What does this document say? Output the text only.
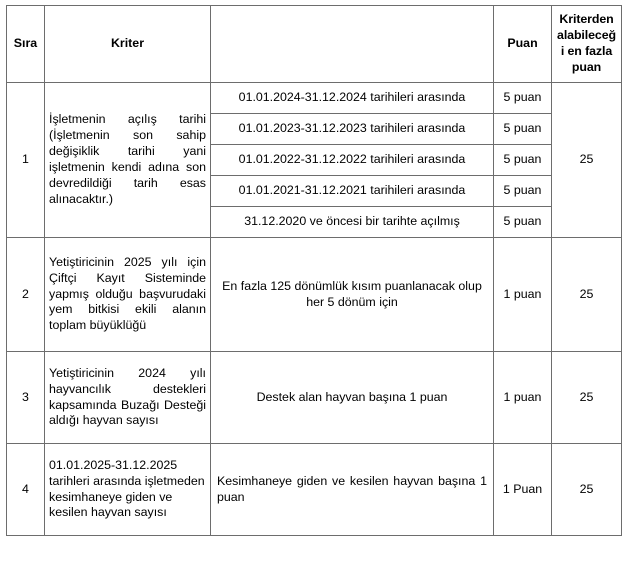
Sıra	Kriter		Puan	Kriterden alabileceği en fazla puan
1	İşletmenin açılış tarihi (İşletmenin son sahip değişiklik tarihi yani işletmenin kendi adına son devredildiği tarih esas alınacaktır.)	01.01.2024-31.12.2024 tarihileri arasında	5 puan	25
		01.01.2023-31.12.2023 tarihileri arasında	5 puan	
		01.01.2022-31.12.2022 tarihileri arasında	5 puan	
		01.01.2021-31.12.2021 tarihileri arasında	5 puan	
		31.12.2020 ve öncesi bir tarihte açılmış	5 puan	
2	Yetiştiricinin 2025 yılı için Çiftçi Kayıt Sisteminde yapmış olduğu başvurudaki yem bitkisi ekili alanın toplam büyüklüğü	En fazla 125 dönümlük kısım puanlanacak olup her 5 dönüm için	1 puan	25
3	Yetiştiricinin 2024 yılı hayvancılık destekleri kapsamında Buzağı Desteği aldığı hayvan sayısı	Destek alan hayvan başına 1 puan	1 puan	25
4	01.01.2025-31.12.2025 tarihleri arasında işletmeden kesimhaneye giden ve kesilen hayvan sayısı	Kesimhaneye giden ve kesilen hayvan başına 1 puan	1 Puan	25
